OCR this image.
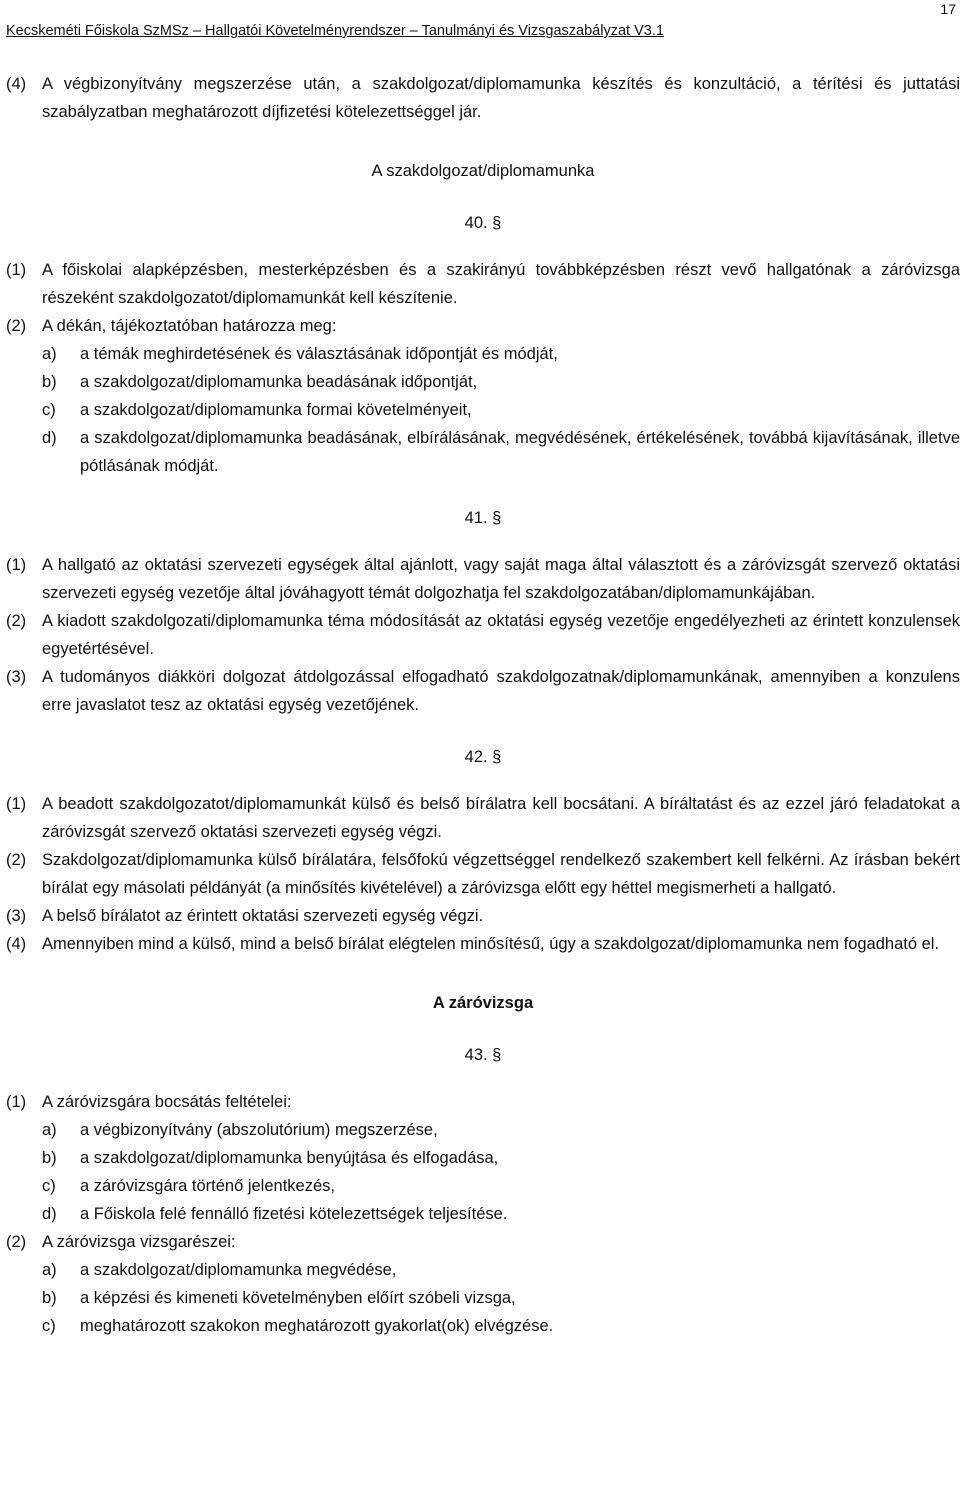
17
Kecskeméti Főiskola SzMSz – Hallgatói Követelményrendszer – Tanulmányi és Vizsgaszabályzat V3.1
(4) A végbizonyítvány megszerzése után, a szakdolgozat/diplomamunka készítés és konzultáció, a térítési és juttatási szabályzatban meghatározott díjfizetési kötelezettséggel jár.
A szakdolgozat/diplomamunka
40. §
(1) A főiskolai alapképzésben, mesterképzésben és a szakirányú továbbképzésben részt vevő hallgatónak a záróvizsga részeként szakdolgozatot/diplomamunkát kell készítenie.
(2) A dékán, tájékoztatóban határozza meg:
a)	a témák meghirdetésének és választásának időpontját és módját,
b)	a szakdolgozat/diplomamunka beadásának időpontját,
c)	a szakdolgozat/diplomamunka formai követelményeit,
d)	a szakdolgozat/diplomamunka beadásának, elbírálásának, megvédésének, értékelésének, továbbá kijavításának, illetve pótlásának módját.
41. §
(1) A hallgató az oktatási szervezeti egységek által ajánlott, vagy saját maga által választott és a záróvizsgát szervező oktatási szervezeti egység vezetője által jóváhagyott témát dolgozhatja fel szakdolgozatában/diplomamunkájában.
(2) A kiadott szakdolgozati/diplomamunka téma módosítását az oktatási egység vezetője engedélyezheti az érintett konzulensek egyetértésével.
(3) A tudományos diákköri dolgozat átdolgozással elfogadható szakdolgozatnak/diplomamunkának, amennyiben a konzulens erre javaslatot tesz az oktatási egység vezetőjének.
42. §
(1) A beadott szakdolgozatot/diplomamunkát külső és belső bírálatra kell bocsátani. A bíráltatást és az ezzel járó feladatokat a záróvizsgát szervező oktatási szervezeti egység végzi.
(2) Szakdolgozat/diplomamunka külső bírálatára, felsőfokú végzettséggel rendelkező szakembert kell felkérni. Az írásban bekért bírálat egy másolati példányát (a minősítés kivételével) a záróvizsga előtt egy héttel megismerheti a hallgató.
(3) A belső bírálatot az érintett oktatási szervezeti egység végzi.
(4) Amennyiben mind a külső, mind a belső bírálat elégtelen minősítésű, úgy a szakdolgozat/diplomamunka nem fogadható el.
A záróvizsga
43. §
(1) A záróvizsgára bocsátás feltételei:
a)	a végbizonyítvány (abszolutórium) megszerzése,
b)	a szakdolgozat/diplomamunka benyújtása és elfogadása,
c)	a záróvizsgára történő jelentkezés,
d)	a Főiskola felé fennálló fizetési kötelezettségek teljesítése.
(2) A záróvizsga vizsgarészei:
a)	a szakdolgozat/diplomamunka megvédése,
b)	a képzési és kimeneti követelményben előírt szóbeli vizsga,
c)	meghatározott szakokon meghatározott gyakorlat(ok) elvégzése.
